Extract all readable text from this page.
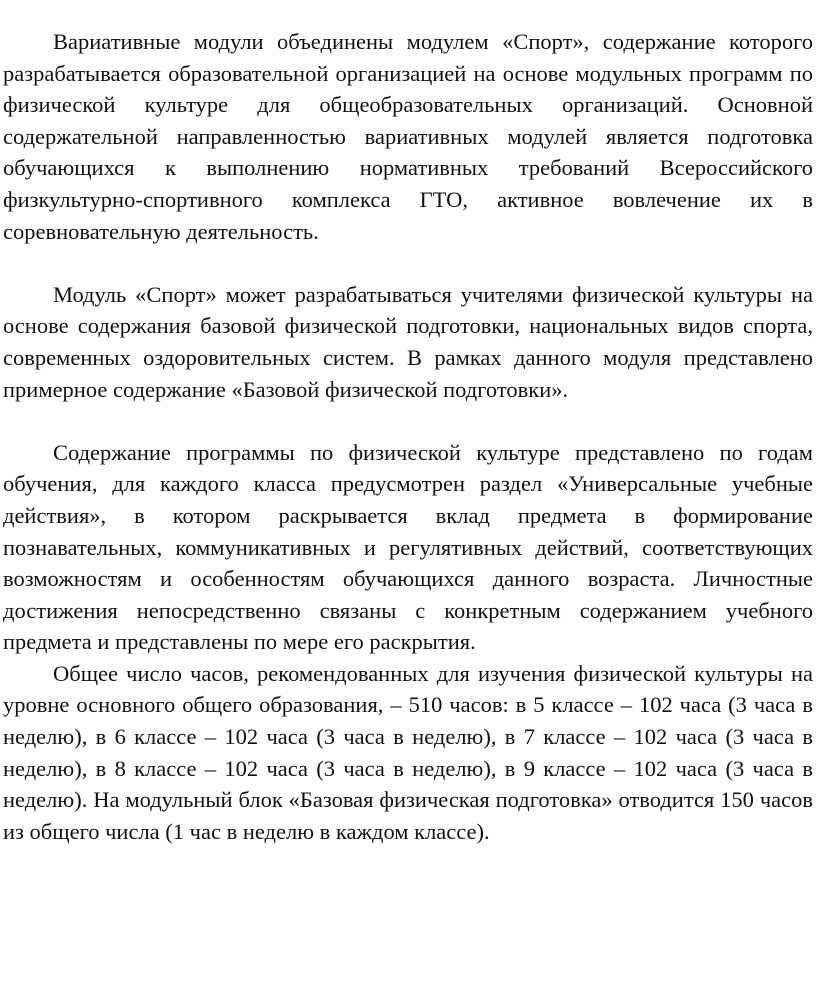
Вариативные модули объединены модулем «Спорт», содержание которого разрабатывается образовательной организацией на основе модульных программ по физической культуре для общеобразовательных организаций. Основной содержательной направленностью вариативных модулей является подготовка обучающихся к выполнению нормативных требований Всероссийского физкультурно-спортивного комплекса ГТО, активное вовлечение их в соревновательную деятельность.

Модуль «Спорт» может разрабатываться учителями физической культуры на основе содержания базовой физической подготовки, национальных видов спорта, современных оздоровительных систем. В рамках данного модуля представлено примерное содержание «Базовой физической подготовки».

Содержание программы по физической культуре представлено по годам обучения, для каждого класса предусмотрен раздел «Универсальные учебные действия», в котором раскрывается вклад предмета в формирование познавательных, коммуникативных и регулятивных действий, соответствующих возможностям и особенностям обучающихся данного возраста. Личностные достижения непосредственно связаны с конкретным содержанием учебного предмета и представлены по мере его раскрытия.

Общее число часов, рекомендованных для изучения физической культуры на уровне основного общего образования, – 510 часов: в 5 классе – 102 часа (3 часа в неделю), в 6 классе – 102 часа (3 часа в неделю), в 7 классе – 102 часа (3 часа в неделю), в 8 классе – 102 часа (3 часа в неделю), в 9 классе – 102 часа (3 часа в неделю). На модульный блок «Базовая физическая подготовка» отводится 150 часов из общего числа (1 час в неделю в каждом классе).
